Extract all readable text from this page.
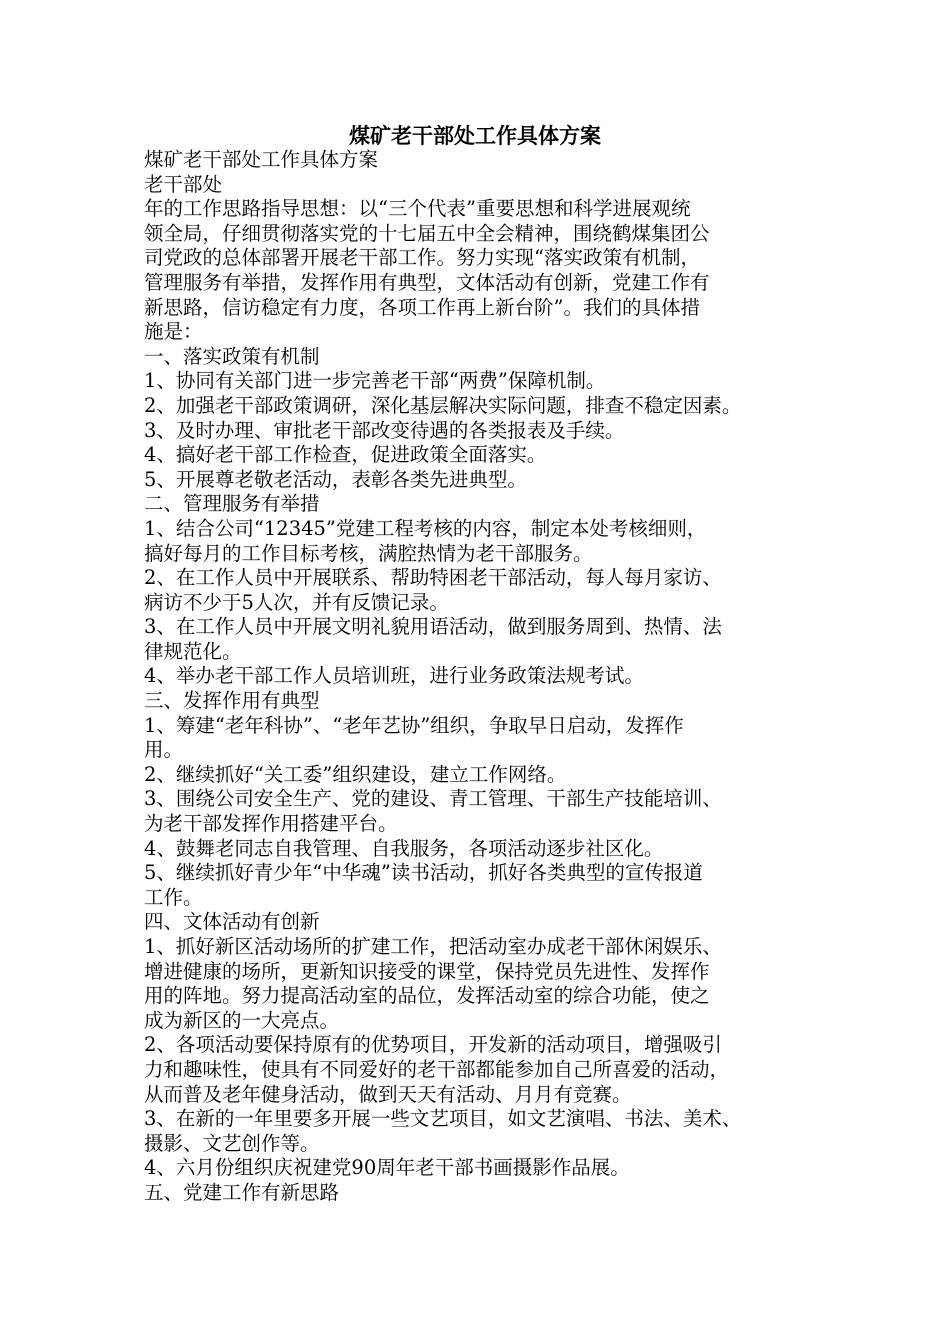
煤矿老干部处工作具体方案
煤矿老干部处工作具体方案
老干部处
年的工作思路指导思想：以“三个代表”重要思想和科学进展观统
领全局，仔细贯彻落实党的十七届五中全会精神，围绕鹤煤集团公
司党政的总体部署开展老干部工作。努力实现“落实政策有机制，
管理服务有举措，发挥作用有典型，文体活动有创新，党建工作有
新思路，信访稳定有力度，各项工作再上新台阶”。我们的具体措
施是：
一、落实政策有机制
1、协同有关部门进一步完善老干部“两费”保障机制。
2、加强老干部政策调研，深化基层解决实际问题，排查不稳定因素。
3、及时办理、审批老干部改变待遇的各类报表及手续。
4、搞好老干部工作检查，促进政策全面落实。
5、开展尊老敬老活动，表彰各类先进典型。
二、管理服务有举措
1、结合公司“12345”党建工程考核的内容，制定本处考核细则，
搞好每月的工作目标考核，满腔热情为老干部服务。
2、在工作人员中开展联系、帮助特困老干部活动，每人每月家访、
病访不少于5人次，并有反馈记录。
3、在工作人员中开展文明礼貌用语活动，做到服务周到、热情、法
律规范化。
4、举办老干部工作人员培训班，进行业务政策法规考试。
三、发挥作用有典型
1、筹建“老年科协”、“老年艺协”组织，争取早日启动，发挥作
用。
2、继续抓好“关工委”组织建设，建立工作网络。
3、围绕公司安全生产、党的建设、青工管理、干部生产技能培训、
为老干部发挥作用搭建平台。
4、鼓舞老同志自我管理、自我服务，各项活动逐步社区化。
5、继续抓好青少年“中华魂”读书活动，抓好各类典型的宣传报道
工作。
四、文体活动有创新
1、抓好新区活动场所的扩建工作，把活动室办成老干部休闲娱乐、
增进健康的场所，更新知识接受的课堂，保持党员先进性、发挥作
用的阵地。努力提高活动室的品位，发挥活动室的综合功能，使之
成为新区的一大亮点。
2、各项活动要保持原有的优势项目，开发新的活动项目，增强吸引
力和趣味性，使具有不同爱好的老干部都能参加自己所喜爱的活动，
从而普及老年健身活动，做到天天有活动、月月有竞赛。
3、在新的一年里要多开展一些文艺项目，如文艺演唱、书法、美术、
摄影、文艺创作等。
4、六月份组织庆祝建党90周年老干部书画摄影作品展。
五、党建工作有新思路
